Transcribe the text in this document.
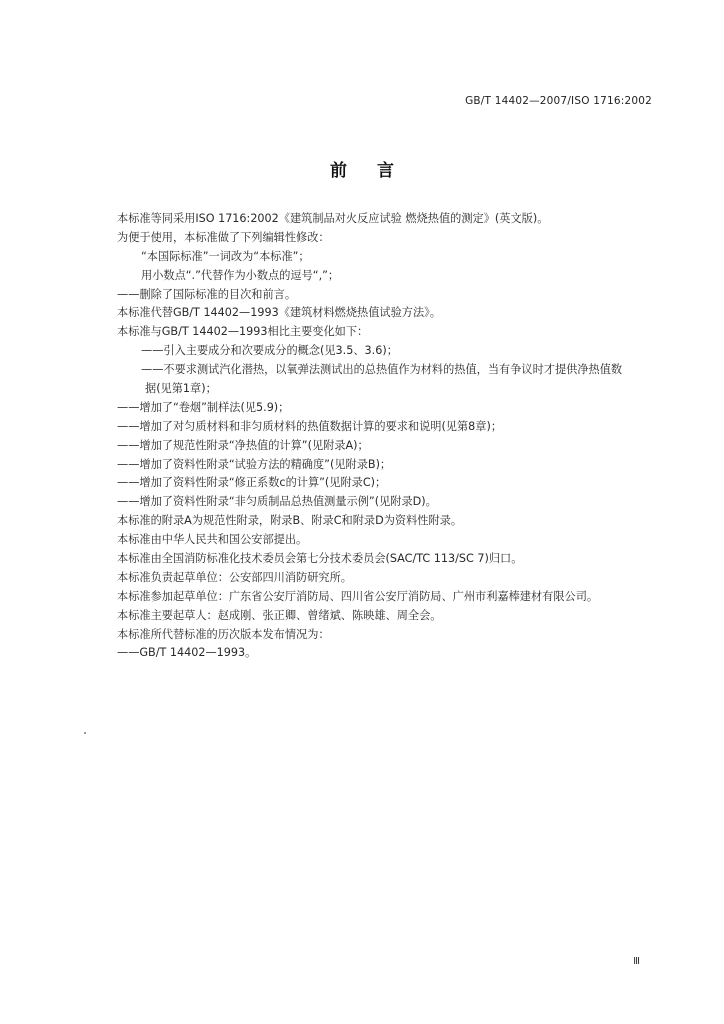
GB/T 14402—2007/ISO 1716:2002
前言
本标准等同采用ISO 1716:2002《建筑制品对火反应试验 燃烧热值的测定》(英文版)。
为便于使用，本标准做了下列编辑性修改：
“本国际标准”一词改为“本标准”；
用小数点“.”代替作为小数点的逗号“,”；
——删除了国际标准的目次和前言。
本标准代替GB/T 14402—1993《建筑材料燃烧热值试验方法》。
本标准与GB/T 14402—1993相比主要变化如下：
——引入主要成分和次要成分的概念(见3.5、3.6)；
——不要求测试汽化潜热，以氧弹法测试出的总热值作为材料的热值，当有争议时才提供净热值数
据(见第1章)；
——增加了“卷烟”制样法(见5.9)；
——增加了对匀质材料和非匀质材料的热值数据计算的要求和说明(见第8章)；
——增加了规范性附录“净热值的计算”(见附录A)；
——增加了资料性附录“试验方法的精确度”(见附录B)；
——增加了资料性附录“修正系数c的计算”(见附录C)；
——增加了资料性附录“非匀质制品总热值测量示例”(见附录D)。
本标准的附录A为规范性附录，附录B、附录C和附录D为资料性附录。
本标准由中华人民共和国公安部提出。
本标准由全国消防标准化技术委员会第七分技术委员会(SAC/TC 113/SC 7)归口。
本标准负责起草单位：公安部四川消防研究所。
本标准参加起草单位：广东省公安厅消防局、四川省公安厅消防局、广州市利嘉棒建材有限公司。
本标准主要起草人：赵成刚、张正卿、曾绪斌、陈映雄、周全会。
本标准所代替标准的历次版本发布情况为：
——GB/T 14402—1993。
Ⅲ
